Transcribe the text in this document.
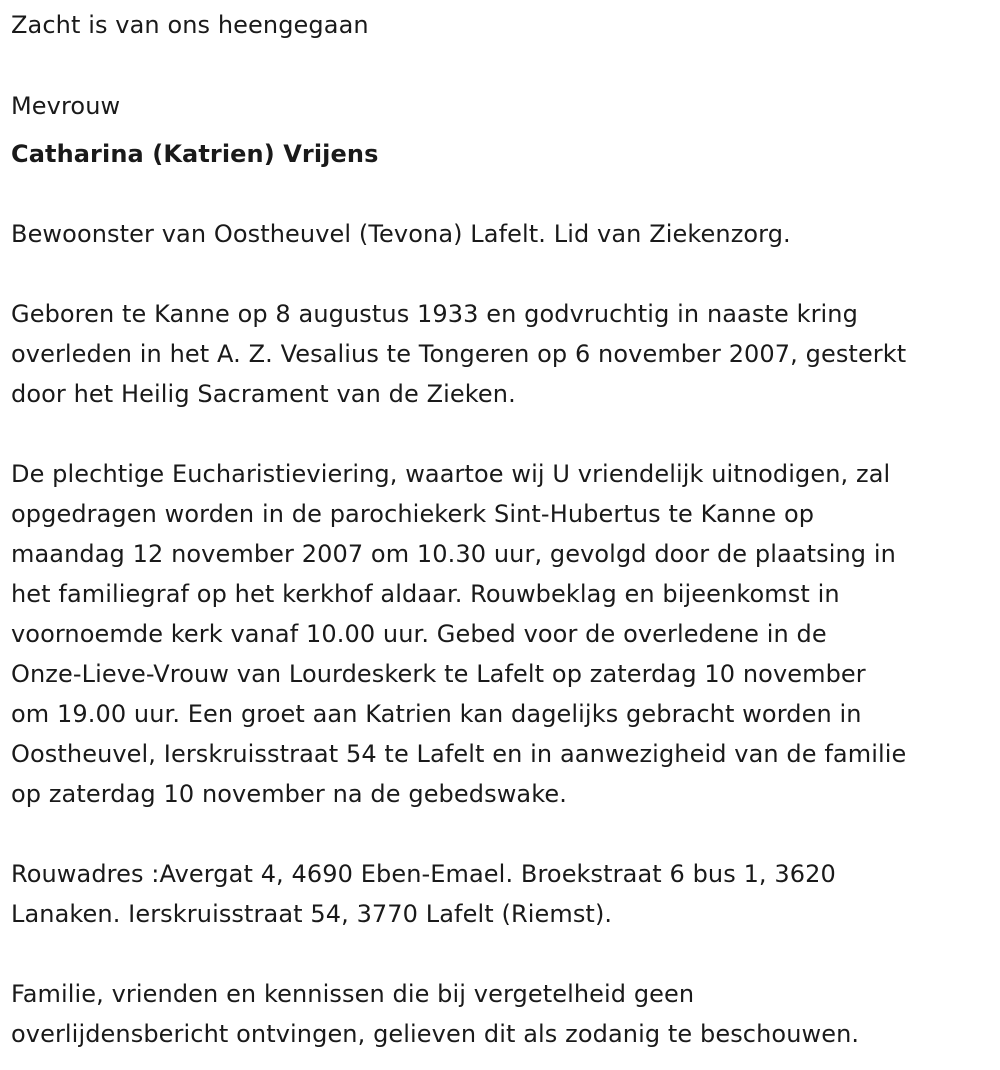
Zacht is van ons heengegaan

Mevrouw

Catharina (Katrien) Vrijens

Bewoonster van Oostheuvel (Tevona) Lafelt. Lid van Ziekenzorg.

Geboren te Kanne op 8 augustus 1933 en godvruchtig in naaste kring

overleden in het A. Z. Vesalius te Tongeren op 6 november 2007, gesterkt

door het Heilig Sacrament van de Zieken.

De plechtige Eucharistieviering, waartoe wij U vriendelijk uitnodigen, zal

opgedragen worden in de parochiekerk Sint-Hubertus te Kanne op

maandag 12 november 2007 om 10.30 uur, gevolgd door de plaatsing in

het familiegraf op het kerkhof aldaar. Rouwbeklag en bijeenkomst in

voornoemde kerk vanaf 10.00 uur. Gebed voor de overledene in de

Onze-Lieve-Vrouw van Lourdeskerk te Lafelt op zaterdag 10 november

om 19.00 uur. Een groet aan Katrien kan dagelijks gebracht worden in

Oostheuvel, Ierskruisstraat 54 te Lafelt en in aanwezigheid van de familie

op zaterdag 10 november na de gebedswake.

Rouwadres :Avergat 4, 4690 Eben-Emael. Broekstraat 6 bus 1, 3620

Lanaken. Ierskruisstraat 54, 3770 Lafelt (Riemst).

Familie, vrienden en kennissen die bij vergetelheid geen

overlijdensbericht ontvingen, gelieven dit als zodanig te beschouwen.
